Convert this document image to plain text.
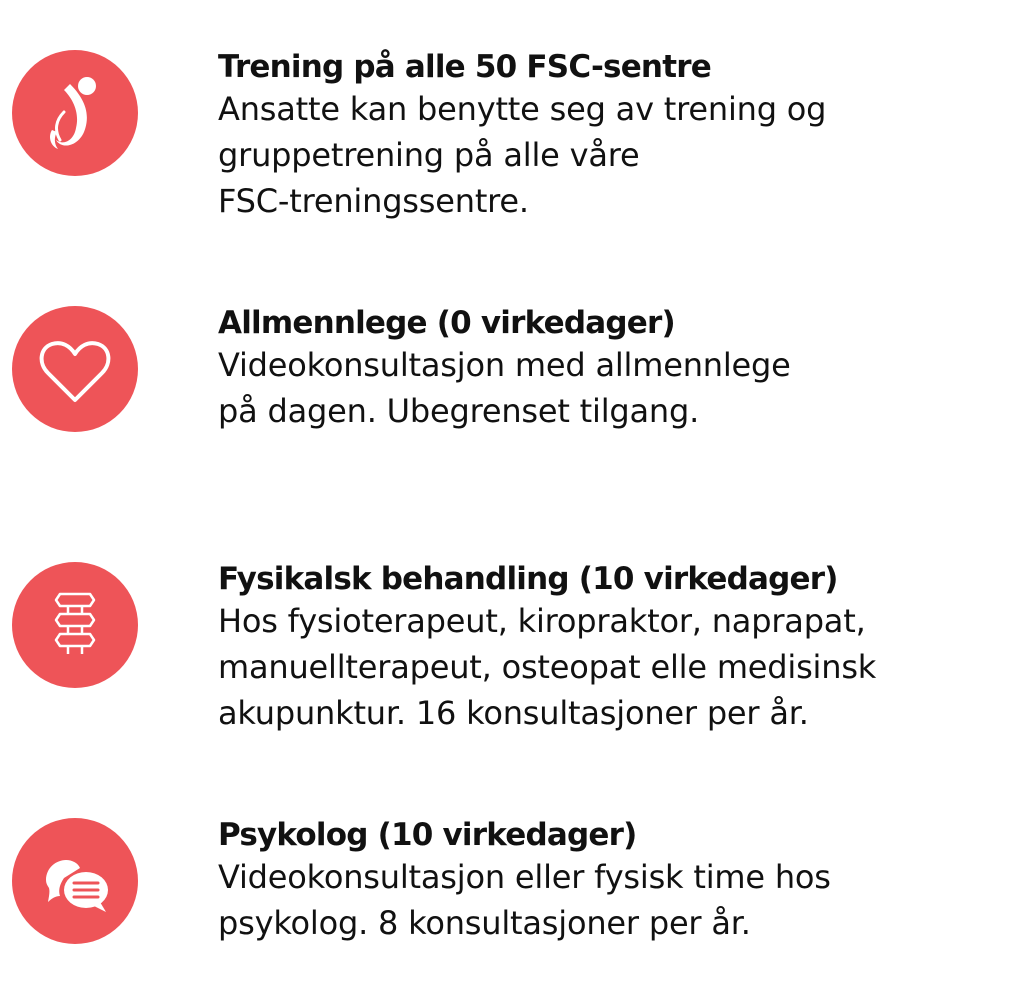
Trening på alle 50 FSC-sentre

Ansatte kan benytte seg av trening og
gruppetrening på alle våre
FSC-treningssentre.

Allmennlege (0 virkedager)

Videokonsultasjon med allmennlege
på dagen. Ubegrenset tilgang.

Fysikalsk behandling (10 virkedager)

Hos fysioterapeut, kiropraktor, naprapat,
manuellterapeut, osteopat elle medisinsk
akupunktur. 16 konsultasjoner per år.

Psykolog (10 virkedager)

Videokonsultasjon eller fysisk time hos
psykolog. 8 konsultasjoner per år.
